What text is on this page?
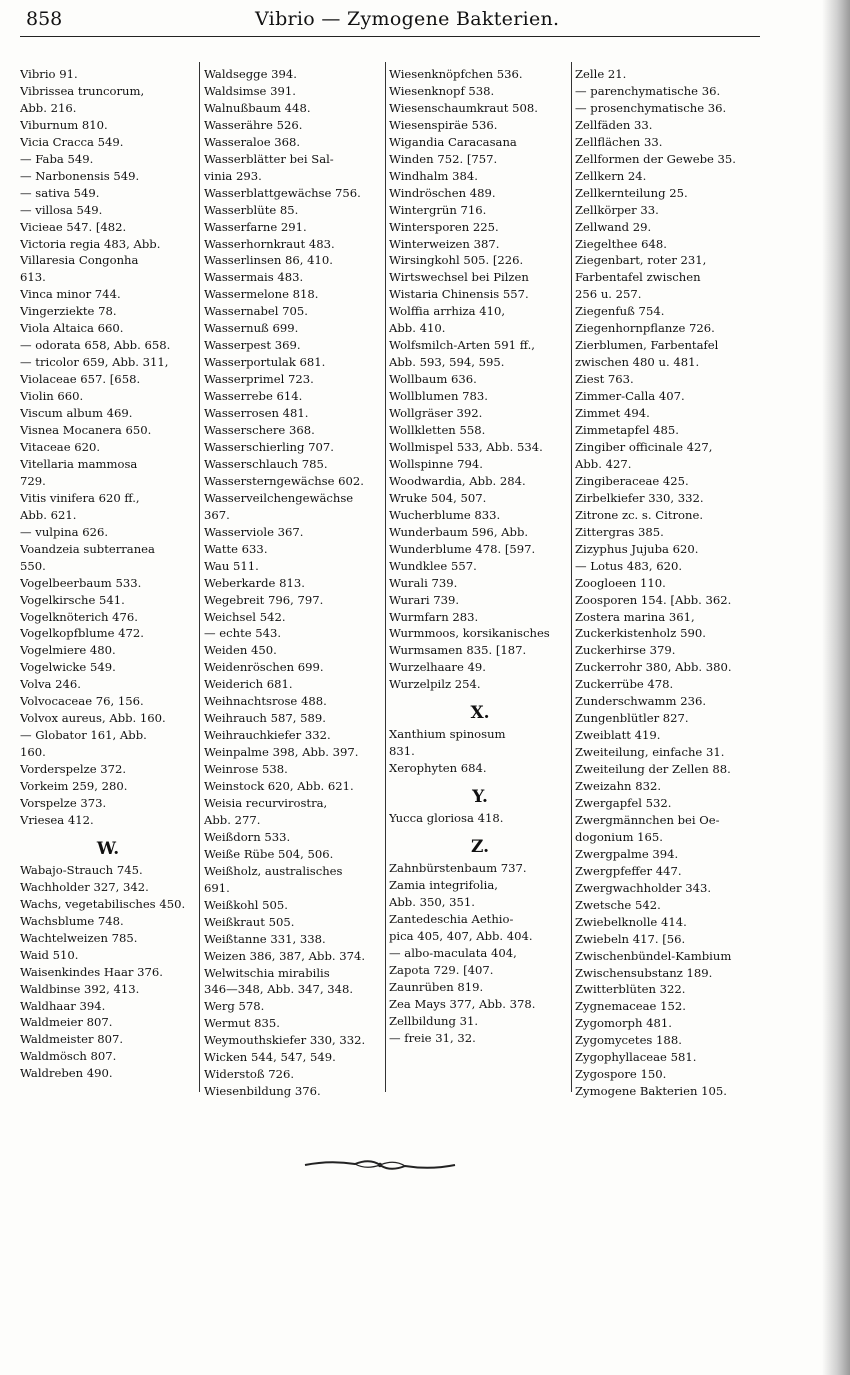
858	Vibrio — Zymogene Bakterien.
Vibrio 91.
Vibrissea truncorum,
Abb. 216.
Viburnum 810.
Vicia Cracca 549.
— Faba 549.
— Narbonensis 549.
— sativa 549.
— villosa 549.
Vicieae 547. [482.
Victoria regia 483, Abb.
Villaresia Congonha
613.
Vinca minor 744.
Vingerziekte 78.
Viola Altaica 660.
— odorata 658, Abb. 658.
— tricolor 659, Abb. 311,
Violaceae 657. [658.
Violin 660.
Viscum album 469.
Visnea Mocanera 650.
Vitaceae 620.
Vitellaria mammosa
729.
Vitis vinifera 620 ff.,
Abb. 621.
— vulpina 626.
Voandzeia subterranea
550.
Vogelbeerbaum 533.
Vogelkirsche 541.
Vogelknöterich 476.
Vogelkopfblume 472.
Vogelmiere 480.
Vogelwicke 549.
Volva 246.
Volvocaceae 76, 156.
Volvox aureus, Abb. 160.
— Globator 161, Abb.
160.
Vorderspelze 372.
Vorkeim 259, 280.
Vorspelze 373.
Vriesea 412.
W.
Wabajo-Strauch 745.
Wachholder 327, 342.
Wachs, vegetabilisches 450.
Wachsblume 748.
Wachtelweizen 785.
Waid 510.
Waisenkindes Haar 376.
Waldbinse 392, 413.
Waldhaar 394.
Waldmeier 807.
Waldmeister 807.
Waldmösch 807.
Waldreben 490.
Waldsegge 394.
Waldsimse 391.
Walnußbaum 448.
Wasserähre 526.
Wasseraloe 368.
Wasserblätter bei Sal-
vinia 293.
Wasserblattgewächse 756.
Wasserblüte 85.
Wasserfarne 291.
Wasserhornkraut 483.
Wasserlinsen 86, 410.
Wassermais 483.
Wassermelone 818.
Wassernabel 705.
Wassernuß 699.
Wasserpest 369.
Wasserportulak 681.
Wasserprimel 723.
Wasserrebe 614.
Wasserrosen 481.
Wasserschere 368.
Wasserschierling 707.
Wasserschlauch 785.
Wassersterngewächse 602.
Wasserveilchengewächse
367.
Wasserviole 367.
Watte 633.
Wau 511.
Weberkarde 813.
Wegebreit 796, 797.
Weichsel 542.
— echte 543.
Weiden 450.
Weidenröschen 699.
Weiderich 681.
Weihnachtsrose 488.
Weihrauch 587, 589.
Weihrauchkiefer 332.
Weinpalme 398, Abb. 397.
Weinrose 538.
Weinstock 620, Abb. 621.
Weisia recurvirostra,
Abb. 277.
Weißdorn 533.
Weiße Rübe 504, 506.
Weißholz, australisches
691.
Weißkohl 505.
Weißkraut 505.
Weißtanne 331, 338.
Weizen 386, 387, Abb. 374.
Welwitschia mirabilis
346—348, Abb. 347, 348.
Werg 578.
Wermut 835.
Weymouthskiefer 330, 332.
Wicken 544, 547, 549.
Widerstoß 726.
Wiesenbildung 376.
Wiesenknöpfchen 536.
Wiesenknopf 538.
Wiesenschaumkraut 508.
Wiesenspiräe 536.
Wigandia Caracasana
Winden 752. [757.
Windhalm 384.
Windröschen 489.
Wintergrün 716.
Wintersporen 225.
Winterweizen 387.
Wirsingkohl 505. [226.
Wirtswechsel bei Pilzen
Wistaria Chinensis 557.
Wolffia arrhiza 410,
Abb. 410.
Wolfsmilch-Arten 591 ff.,
Abb. 593, 594, 595.
Wollbaum 636.
Wollblumen 783.
Wollgräser 392.
Wollkletten 558.
Wollmispel 533, Abb. 534.
Wollspinne 794.
Woodwardia, Abb. 284.
Wruke 504, 507.
Wucherblume 833.
Wunderbaum 596, Abb.
Wunderblume 478. [597.
Wundklee 557.
Wurali 739.
Wurari 739.
Wurmfarn 283.
Wurmmoos, korsikanisches
Wurmsamen 835. [187.
Wurzelhaare 49.
Wurzelpilz 254.
X.
Xanthium spinosum
831.
Xerophyten 684.
Y.
Yucca gloriosa 418.
Z.
Zahnbürstenbaum 737.
Zamia integrifolia,
Abb. 350, 351.
Zantedeschia Aethio-
pica 405, 407, Abb. 404.
— albo-maculata 404,
Zapota 729. [407.
Zaunrüben 819.
Zea Mays 377, Abb. 378.
Zellbildung 31.
— freie 31, 32.
Zelle 21.
— parenchymatische 36.
— prosenchymatische 36.
Zellfäden 33.
Zellflächen 33.
Zellformen der Gewebe 35.
Zellkern 24.
Zellkernteilung 25.
Zellkörper 33.
Zellwand 29.
Ziegelthee 648.
Ziegenbart, roter 231,
Farbentafel zwischen
256 u. 257.
Ziegenfuß 754.
Ziegenhornpflanze 726.
Zierblumen, Farbentafel
zwischen 480 u. 481.
Ziest 763.
Zimmer-Calla 407.
Zimmet 494.
Zimmetapfel 485.
Zingiber officinale 427,
Abb. 427.
Zingiberaceae 425.
Zirbelkiefer 330, 332.
Zitrone zc. s. Citrone.
Zittergras 385.
Zizyphus Jujuba 620.
— Lotus 483, 620.
Zoogloeen 110.
Zoosporen 154. [Abb. 362.
Zostera marina 361,
Zuckerkistenholz 590.
Zuckerhirse 379.
Zuckerrohr 380, Abb. 380.
Zuckerrübe 478.
Zunderschwamm 236.
Zungenblütler 827.
Zweiblatt 419.
Zweiteilung, einfache 31.
Zweiteilung der Zellen 88.
Zweizahn 832.
Zwergapfel 532.
Zwergmännchen bei Oe-
dogonium 165.
Zwergpalme 394.
Zwergpfeffer 447.
Zwergwachholder 343.
Zwetsche 542.
Zwiebelknolle 414.
Zwiebeln 417. [56.
Zwischenbündel-Kambium
Zwischensubstanz 189.
Zwitterblüten 322.
Zygnemaceae 152.
Zygomorph 481.
Zygomycetes 188.
Zygophyllaceae 581.
Zygospore 150.
Zymogene Bakterien 105.
